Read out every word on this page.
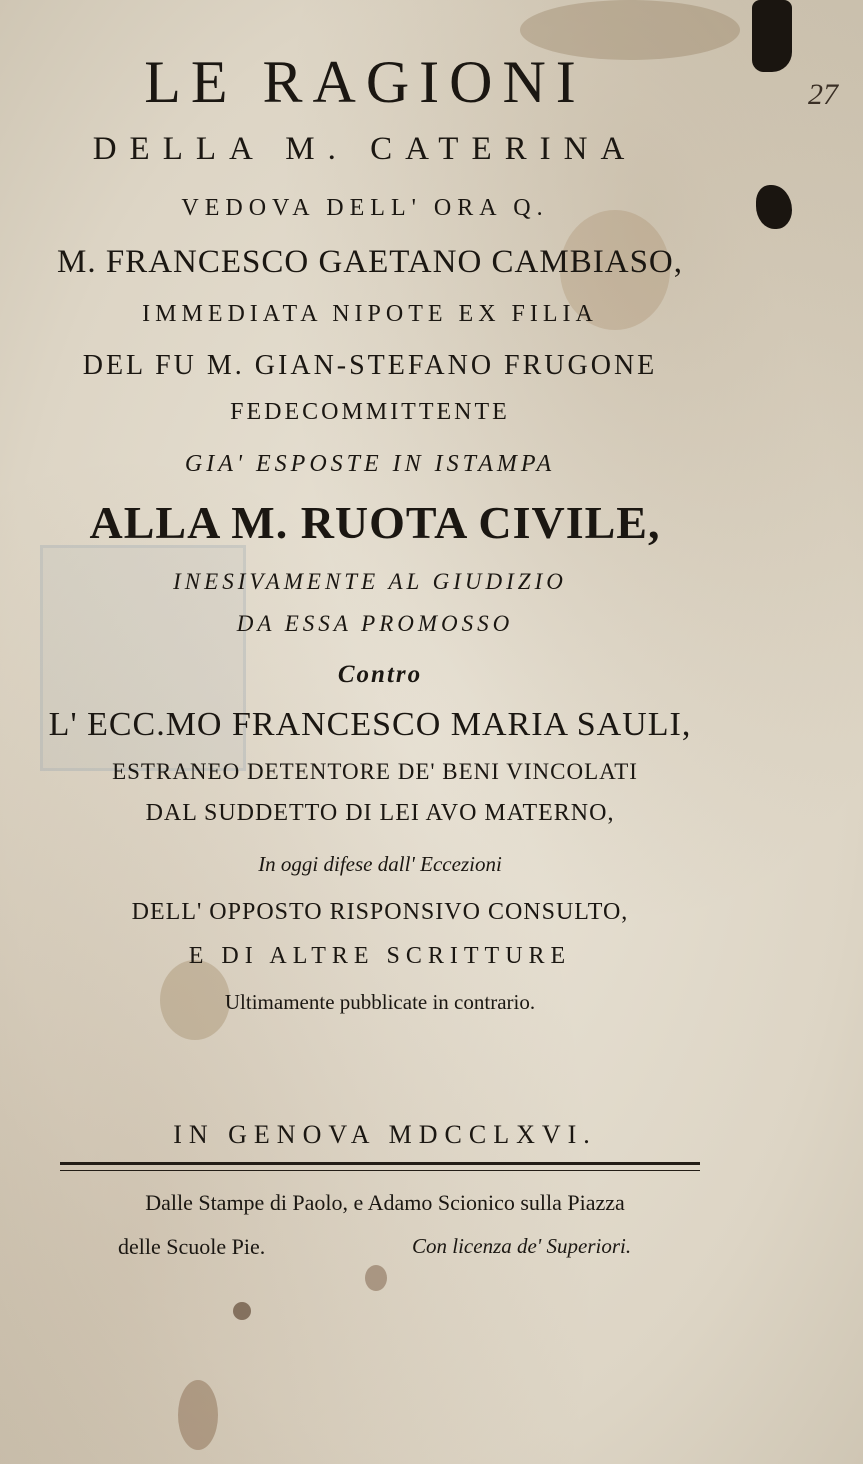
27
LE RAGIONI
DELLA M. CATERINA
VEDOVA DELL' ORA Q.
M. FRANCESCO GAETANO CAMBIASO,
IMMEDIATA NIPOTE EX FILIA
DEL FU M. GIAN-STEFANO FRUGONE
FEDECOMMITTENTE
GIA' ESPOSTE IN ISTAMPA
ALLA M. RUOTA CIVILE,
INESIVAMENTE AL GIUDIZIO
DA ESSA PROMOSSO
Contro
L' ECC.MO FRANCESCO MARIA SAULI,
ESTRANEO DETENTORE DE' BENI VINCOLATI
DAL SUDDETTO DI LEI AVO MATERNO,
In oggi difese dall' Eccezioni
DELL' OPPOSTO RISPONSIVO CONSULTO,
E DI ALTRE SCRITTURE
Ultimamente pubblicate in contrario.
IN GENOVA MDCCLXVI.
Dalle Stampe di Paolo, e Adamo Scionico sulla Piazza
delle Scuole Pie.	Con licenza de' Superiori.
